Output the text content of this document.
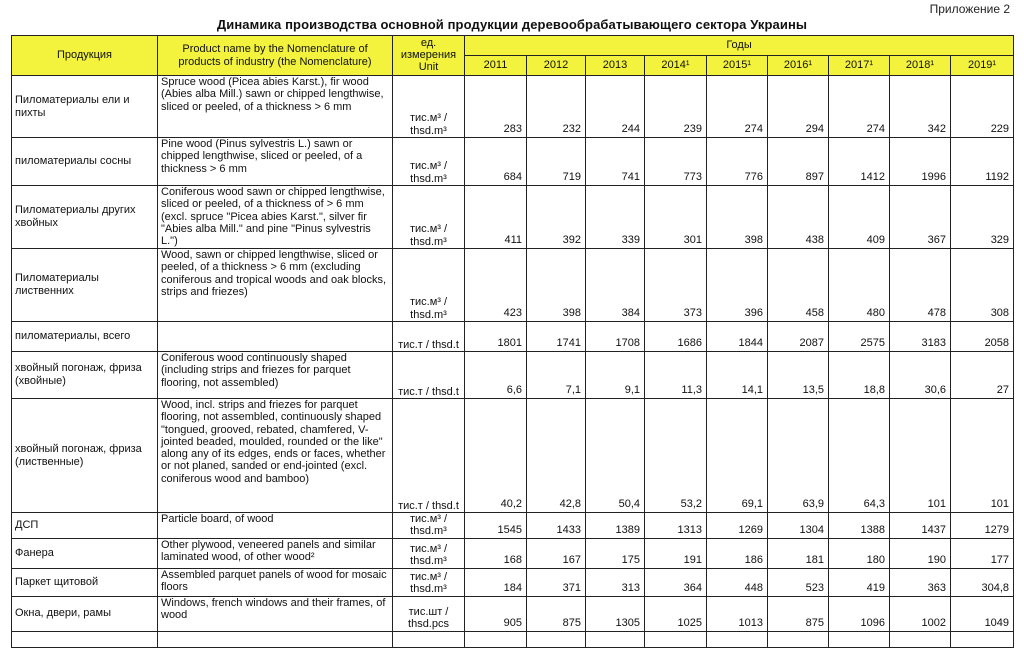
Приложение 2
Динамика производства основной продукции деревообрабатывающего сектора Украины
Продукция	Product name by the Nomenclature of products of industry (the Nomenclature)	ед. измерения Unit	Годы								
			2011	2012	2013	2014¹	2015¹	2016¹	2017¹	2018¹	2019¹
Пиломатериалы ели и пихты	Spruce wood (Picea abies Karst.), fir wood (Abies alba Mill.) sawn or chipped lengthwise, sliced or peeled, of a thickness > 6 mm	тис.м³ / thsd.m³	283	232	244	239	274	294	274	342	229
пиломатериалы сосны	Pine wood (Pinus sylvestris L.) sawn or chipped lengthwise, sliced or peeled, of a thickness > 6 mm	тис.м³ / thsd.m³	684	719	741	773	776	897	1412	1996	1192
Пиломатериалы других хвойных	Coniferous wood sawn or chipped lengthwise, sliced or peeled, of a thickness of > 6 mm (excl. spruce "Picea abies Karst.", silver fir "Abies alba Mill." and pine "Pinus sylvestris L.")	тис.м³ / thsd.m³	411	392	339	301	398	438	409	367	329
Пиломатериалы лиственних	Wood, sawn or chipped lengthwise, sliced or peeled, of a thickness > 6 mm (excluding coniferous and tropical woods and oak blocks, strips and friezes)	тис.м³ / thsd.m³	423	398	384	373	396	458	480	478	308
пиломатериалы, всего		тис.т / thsd.t	1801	1741	1708	1686	1844	2087	2575	3183	2058
хвойный погонаж, фриза (хвойные)	Coniferous wood continuously shaped (including strips and friezes for parquet flooring, not assembled)	тис.т / thsd.t	6,6	7,1	9,1	11,3	14,1	13,5	18,8	30,6	27
хвойный погонаж, фриза (лиственные)	Wood, incl. strips and friezes for parquet flooring, not assembled, continuously shaped "tongued, grooved, rebated, chamfered, V-jointed beaded, moulded, rounded or the like" along any of its edges, ends or faces, whether or not planed, sanded or end-jointed (excl. coniferous wood and bamboo)	тис.т / thsd.t	40,2	42,8	50,4	53,2	69,1	63,9	64,3	101	101
ДСП	Particle board, of wood	тис.м³ / thsd.m³	1545	1433	1389	1313	1269	1304	1388	1437	1279
Фанера	Other plywood, veneered panels and similar laminated wood, of other wood²	тис.м³ / thsd.m³	168	167	175	191	186	181	180	190	177
Паркет щитовой	Assembled parquet panels of wood for mosaic floors	тис.м³ / thsd.m³	184	371	313	364	448	523	419	363	304,8
Окна, двери, рамы	Windows, french windows and their frames, of wood	тис.шт / thsd.pcs	905	875	1305	1025	1013	875	1096	1002	1049
